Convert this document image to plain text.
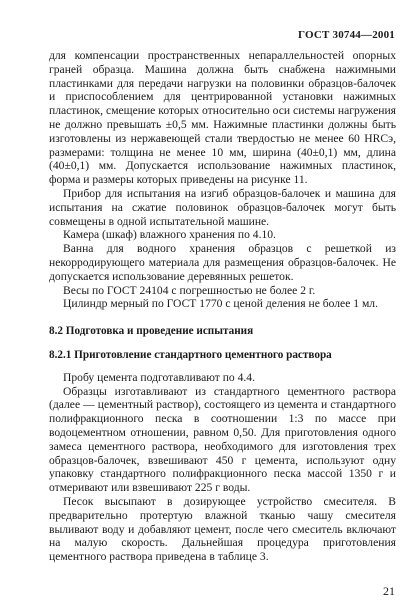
ГОСТ 30744—2001

для компенсации пространственных непараллельностей опорных граней образца. Машина должна быть снабжена нажимными пластинками для передачи нагрузки на половинки образцов-балочек и приспособлением для центрированной установки нажимных пластинок, смещение которых относительно оси системы нагружения не должно превышать ±0,5 мм. Нажимные пластинки должны быть изготовлены из нержавеющей стали твердостью не менее 60 HRCэ, размерами: толщина не менее 10 мм, ширина (40±0,1) мм, длина (40±0,1) мм. Допускается использование нажимных пластинок, форма и размеры которых приведены на рисунке 11.

Прибор для испытания на изгиб образцов-балочек и машина для испытания на сжатие половинок образцов-балочек могут быть совмещены в одной испытательной машине.

Камера (шкаф) влажного хранения по 4.10.

Ванна для водного хранения образцов с решеткой из некорродирующего материала для размещения образцов-балочек. Не допускается использование деревянных решеток.

Весы по ГОСТ 24104 с погрешностью не более 2 г.

Цилиндр мерный по ГОСТ 1770 с ценой деления не более 1 мл.

8.2 Подготовка и проведение испытания

8.2.1 Приготовление стандартного цементного раствора

Пробу цемента подготавливают по 4.4.

Образцы изготавливают из стандартного цементного раствора (далее — цементный раствор), состоящего из цемента и стандартного полифракционного песка в соотношении 1:3 по массе при водоцементном отношении, равном 0,50. Для приготовления одного замеса цементного раствора, необходимого для изготовления трех образцов-балочек, взвешивают 450 г цемента, используют одну упаковку стандартного полифракционного песка массой 1350 г и отмеривают или взвешивают 225 г воды.

Песок высыпают в дозирующее устройство смесителя. В предварительно протертую влажной тканью чашу смесителя выливают воду и добавляют цемент, после чего смеситель включают на малую скорость. Дальнейшая процедура приготовления цементного раствора приведена в таблице 3.

21
